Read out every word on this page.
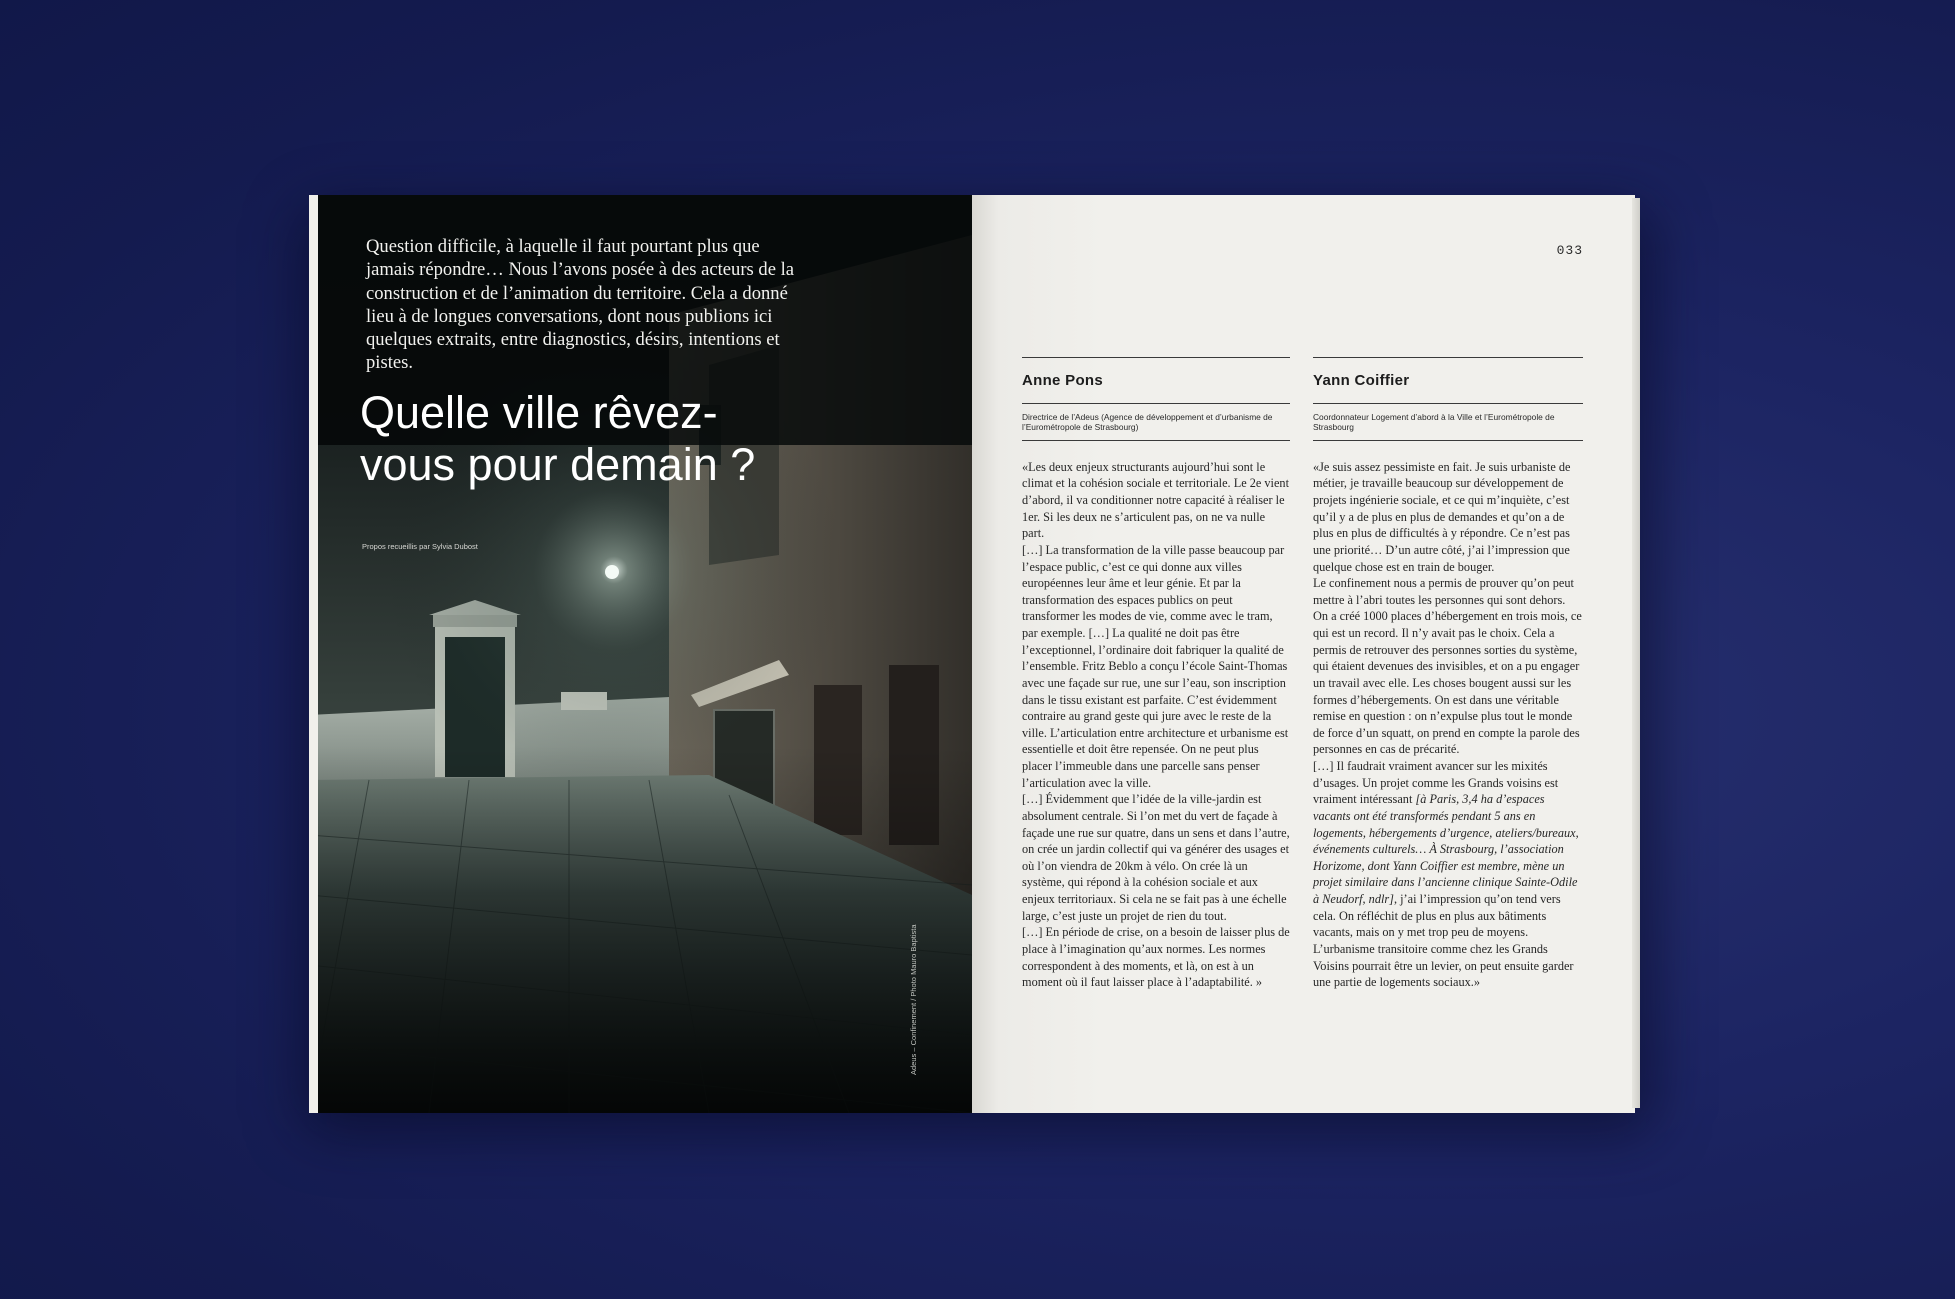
Question difficile, à laquelle il faut pourtant plus que jamais répondre… Nous l’avons posée à des acteurs de la construction et de l’animation du territoire. Cela a donné lieu à de longues conversations, dont nous publions ici quelques extraits, entre diagnostics, désirs, intentions et pistes.
Quelle ville rêvez-vous pour demain ?
Propos recueillis par Sylvia Dubost
Adeus – Confinement / Photo Mauro Baptista
033
Anne Pons
Directrice de l’Adeus (Agence de développement et d’urbanisme de l’Eurométropole de Strasbourg)
«Les deux enjeux structurants aujourd’hui sont le climat et la cohésion sociale et territoriale. Le 2e vient d’abord, il va conditionner notre capacité à réaliser le 1er. Si les deux ne s’articulent pas, on ne va nulle part.
[…] La transformation de la ville passe beaucoup par l’espace public, c’est ce qui donne aux villes européennes leur âme et leur génie. Et par la transformation des espaces publics on peut transformer les modes de vie, comme avec le tram, par exemple. […] La qualité ne doit pas être l’exceptionnel, l’ordinaire doit fabriquer la qualité de l’ensemble. Fritz Beblo a conçu l’école Saint-Thomas avec une façade sur rue, une sur l’eau, son inscription dans le tissu existant est parfaite. C’est évidemment contraire au grand geste qui jure avec le reste de la ville. L’articulation entre architecture et urbanisme est essentielle et doit être repensée. On ne peut plus placer l’immeuble dans une parcelle sans penser l’articulation avec la ville.
[…] Évidemment que l’idée de la ville-jardin est absolument centrale. Si l’on met du vert de façade à façade une rue sur quatre, dans un sens et dans l’autre, on crée un jardin collectif qui va générer des usages et où l’on viendra de 20km à vélo. On crée là un système, qui répond à la cohésion sociale et aux enjeux territoriaux. Si cela ne se fait pas à une échelle large, c’est juste un projet de rien du tout.
[…] En période de crise, on a besoin de laisser plus de place à l’imagination qu’aux normes. Les normes correspondent à des moments, et là, on est à un moment où il faut laisser place à l’adaptabilité. »
Yann Coiffier
Coordonnateur Logement d’abord à la Ville et l’Eurométropole de Strasbourg
«Je suis assez pessimiste en fait. Je suis urbaniste de métier, je travaille beaucoup sur développement de projets ingénierie sociale, et ce qui m’inquiète, c’est qu’il y a de plus en plus de demandes et qu’on a de plus en plus de difficultés à y répondre. Ce n’est pas une priorité… D’un autre côté, j’ai l’impression que quelque chose est en train de bouger.
Le confinement nous a permis de prouver qu’on peut mettre à l’abri toutes les personnes qui sont dehors. On a créé 1000 places d’hébergement en trois mois, ce qui est un record. Il n’y avait pas le choix. Cela a permis de retrouver des personnes sorties du système, qui étaient devenues des invisibles, et on a pu engager un travail avec elle. Les choses bougent aussi sur les formes d’hébergements. On est dans une véritable remise en question : on n’expulse plus tout le monde de force d’un squatt, on prend en compte la parole des personnes en cas de précarité.
[…] Il faudrait vraiment avancer sur les mixités d’usages. Un projet comme les Grands voisins est vraiment intéressant [à Paris, 3,4 ha d’espaces vacants ont été transformés pendant 5 ans en logements, hébergements d’urgence, ateliers/bureaux, événements culturels… À Strasbourg, l’association Horizome, dont Yann Coiffier est membre, mène un projet similaire dans l’ancienne clinique Sainte-Odile à Neudorf, ndlr], j’ai l’impression qu’on tend vers cela. On réfléchit de plus en plus aux bâtiments vacants, mais on y met trop peu de moyens.
L’urbanisme transitoire comme chez les Grands Voisins pourrait être un levier, on peut ensuite garder une partie de logements sociaux.»
